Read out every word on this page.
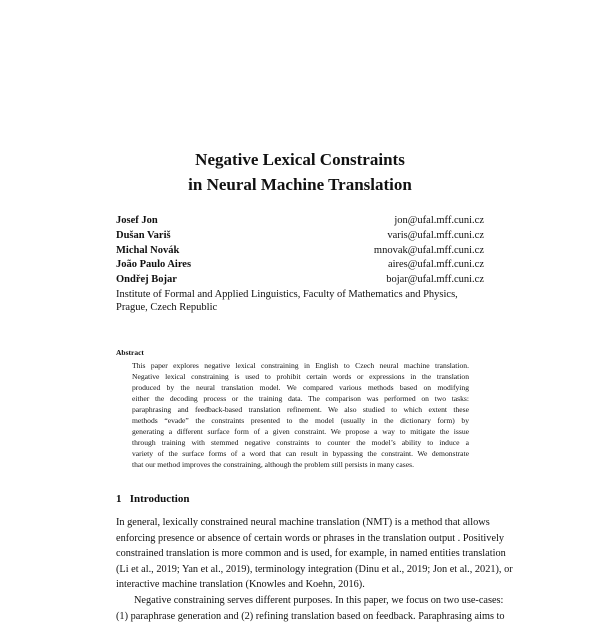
Negative Lexical Constraints
in Neural Machine Translation
Josef Jon	jon@ufal.mff.cuni.cz
Dušan Variš	varis@ufal.mff.cuni.cz
Michal Novák	mnovak@ufal.mff.cuni.cz
João Paulo Aires	aires@ufal.mff.cuni.cz
Ondřej Bojar	bojar@ufal.mff.cuni.cz
Institute of Formal and Applied Linguistics, Faculty of Mathematics and Physics,
Prague, Czech Republic
Abstract
This paper explores negative lexical constraining in English to Czech neural machine translation.
Negative lexical constraining is used to prohibit certain words or expressions in the translation
produced by the neural translation model. We compared various methods based on modifying
either the decoding process or the training data. The comparison was performed on two tasks:
paraphrasing and feedback-based translation refinement. We also studied to which extent these
methods “evade” the constraints presented to the model (usually in the dictionary form) by
generating a different surface form of a given constraint. We propose a way to mitigate the issue
through training with stemmed negative constraints to counter the model’s ability to induce a
variety of the surface forms of a word that can result in bypassing the constraint. We demonstrate
that our method improves the constraining, although the problem still persists in many cases.
1   Introduction
In general, lexically constrained neural machine translation (NMT) is a method that allows
enforcing presence or absence of certain words or phrases in the translation output . Positively
constrained translation is more common and is used, for example, in named entities translation
(Li et al., 2019; Yan et al., 2019), terminology integration (Dinu et al., 2019; Jon et al., 2021), or
interactive machine translation (Knowles and Koehn, 2016).
Negative constraining serves different purposes. In this paper, we focus on two use-cases:
(1) paraphrase generation and (2) refining translation based on feedback. Paraphrasing aims to
